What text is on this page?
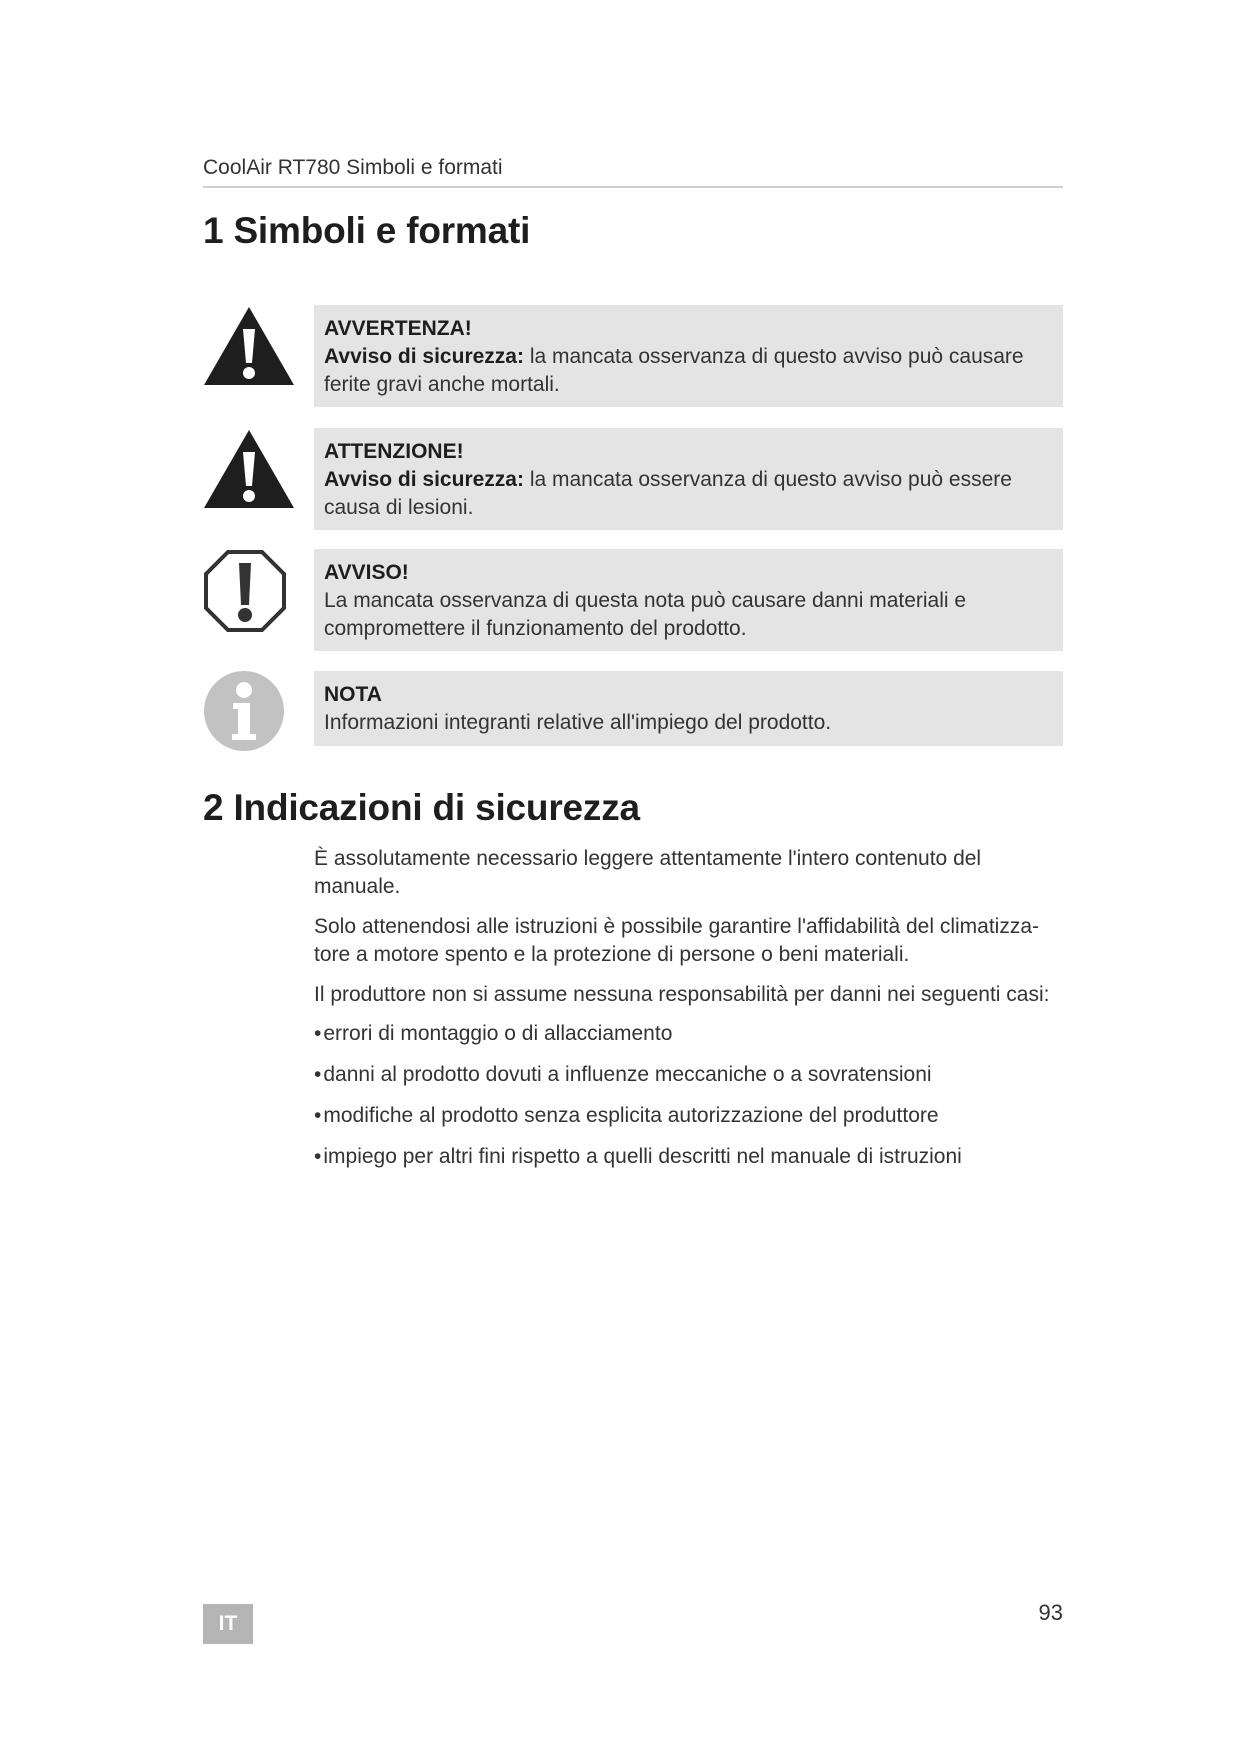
CoolAir RT780 Simboli e formati
1 Simboli e formati
AVVERTENZA!
Avviso di sicurezza: la mancata osservanza di questo avviso può causare ferite gravi anche mortali.
ATTENZIONE!
Avviso di sicurezza: la mancata osservanza di questo avviso può essere causa di lesioni.
AVVISO!
La mancata osservanza di questa nota può causare danni materiali e compromettere il funzionamento del prodotto.
NOTA
Informazioni integranti relative all'impiego del prodotto.
2 Indicazioni di sicurezza

È assolutamente necessario leggere attentamente l'intero contenuto del manuale.

Solo attenendosi alle istruzioni è possibile garantire l'affidabilità del climatizza-tore a motore spento e la protezione di persone o beni materiali.

Il produttore non si assume nessuna responsabilità per danni nei seguenti casi:

• errori di montaggio o di allacciamento
• danni al prodotto dovuti a influenze meccaniche o a sovratensioni
• modifiche al prodotto senza esplicita autorizzazione del produttore
• impiego per altri fini rispetto a quelli descritti nel manuale di istruzioni
IT	93
